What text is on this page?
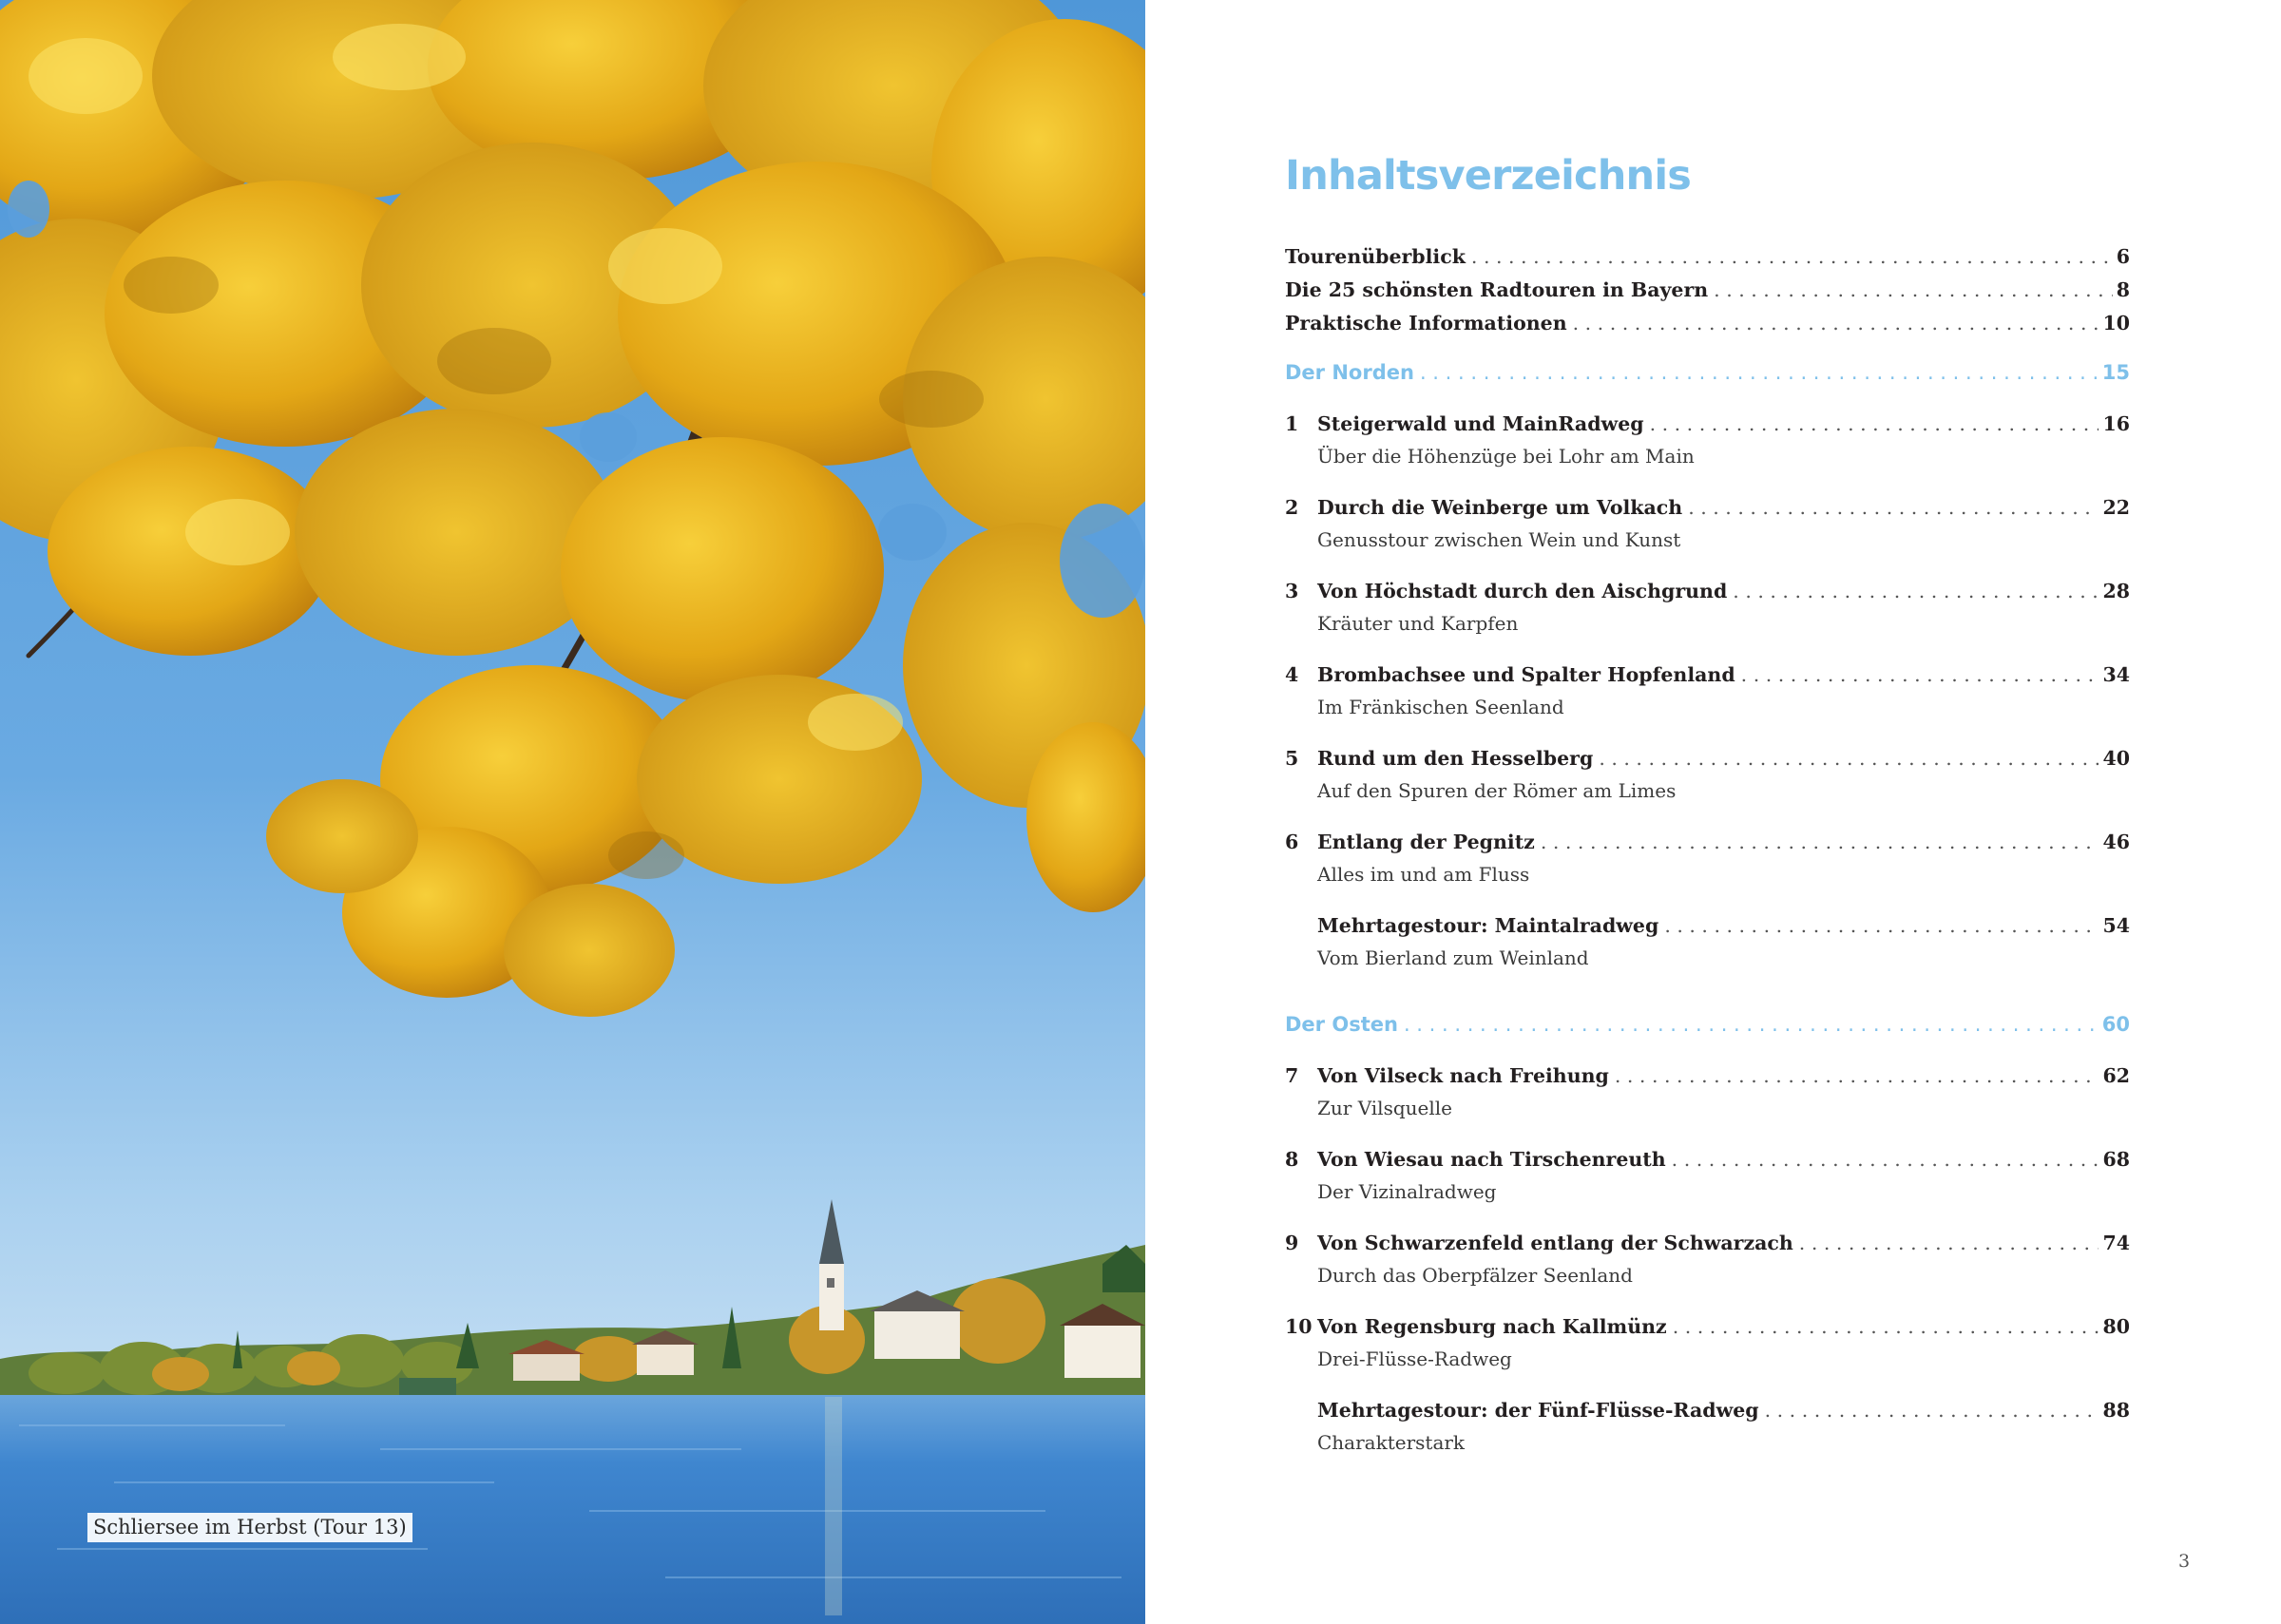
Schliersee im Herbst (Tour 13)
Inhaltsverzeichnis
Tourenüberblick . . .	6
Die 25 schönsten Radtouren in Bayern . . .	8
Praktische Informationen . . .	10
Der Norden . . .	15
1 Steigerwald und MainRadweg . . .	16
Über die Höhenzüge bei Lohr am Main
2 Durch die Weinberge um Volkach . . .	22
Genusstour zwischen Wein und Kunst
3 Von Höchstadt durch den Aischgrund . . .	28
Kräuter und Karpfen
4 Brombachsee und Spalter Hopfenland . . .	34
Im Fränkischen Seenland
5 Rund um den Hesselberg . . .	40
Auf den Spuren der Römer am Limes
6 Entlang der Pegnitz . . .	46
Alles im und am Fluss
Mehrtagestour: Maintalradweg . . .	54
Vom Bierland zum Weinland
Der Osten . . .	60
7 Von Vilseck nach Freihung . . .	62
Zur Vilsquelle
8 Von Wiesau nach Tirschenreuth . . .	68
Der Vizinalradweg
9 Von Schwarzenfeld entlang der Schwarzach . . .	74
Durch das Oberpfälzer Seenland
10 Von Regensburg nach Kallmünz . . .	80
Drei-Flüsse-Radweg
Mehrtagestour: der Fünf-Flüsse-Radweg . . .	88
Charakterstark
3
